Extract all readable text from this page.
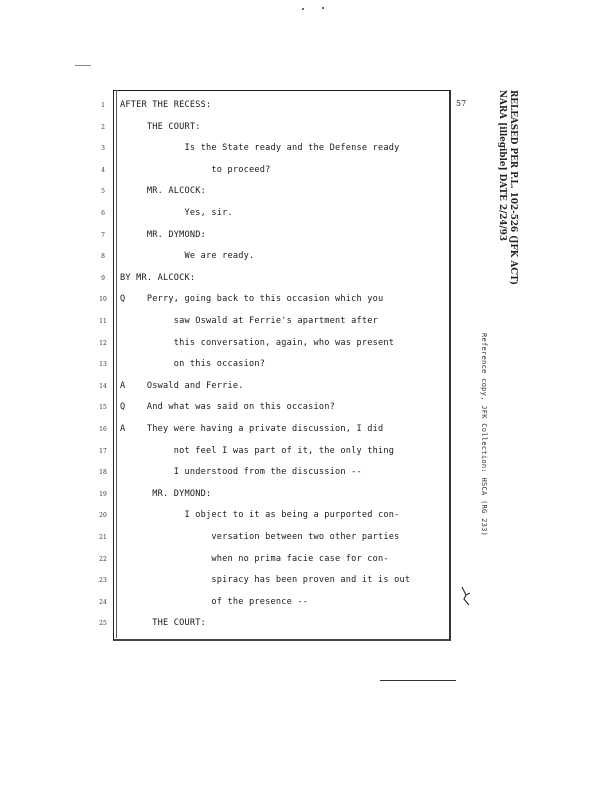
57
1	AFTER THE RECESS:
2	THE COURT:
3	Is the State ready and the Defense ready
4	to proceed?
5	MR. ALCOCK:
6	Yes, sir.
7	MR. DYMOND:
8	We are ready.
9	BY MR. ALCOCK:
10	Q    Perry, going back to this occasion which you
11	saw Oswald at Ferrie's apartment after
12	this conversation, again, who was present
13	on this occasion?
14	A    Oswald and Ferrie.
15	Q    And what was said on this occasion?
16	A    They were having a private discussion, I did
17	not feel I was part of it, the only thing
18	I understood from the discussion --
19	MR. DYMOND:
20	I object to it as being a purported con-
21	versation between two other parties
22	when no prima facie case for con-
23	spiracy has been proven and it is out
24	of the presence --
25	THE COURT:
RELEASED PER P.L. 102-526 (JFK ACT)
NARA [illegible] DATE 2/24/93
Reference copy, JFK Collection: HSCA (RG 233)
